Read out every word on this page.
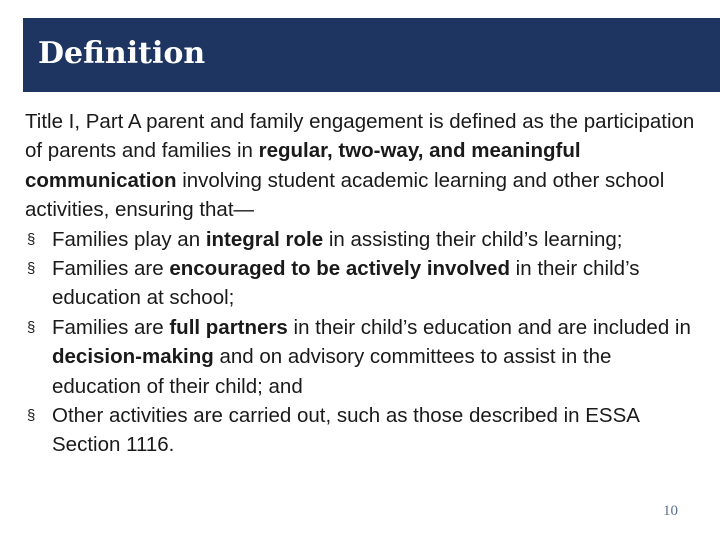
Definition

Title I, Part A parent and family engagement is defined as the participation of parents and families in regular, two-way, and meaningful communication involving student academic learning and other school activities, ensuring that—

§ Families play an integral role in assisting their child’s learning;
§ Families are encouraged to be actively involved in their child’s education at school;
§ Families are full partners in their child’s education and are included in decision-making and on advisory committees to assist in the education of their child; and
§ Other activities are carried out, such as those described in ESSA Section 1116.
10
